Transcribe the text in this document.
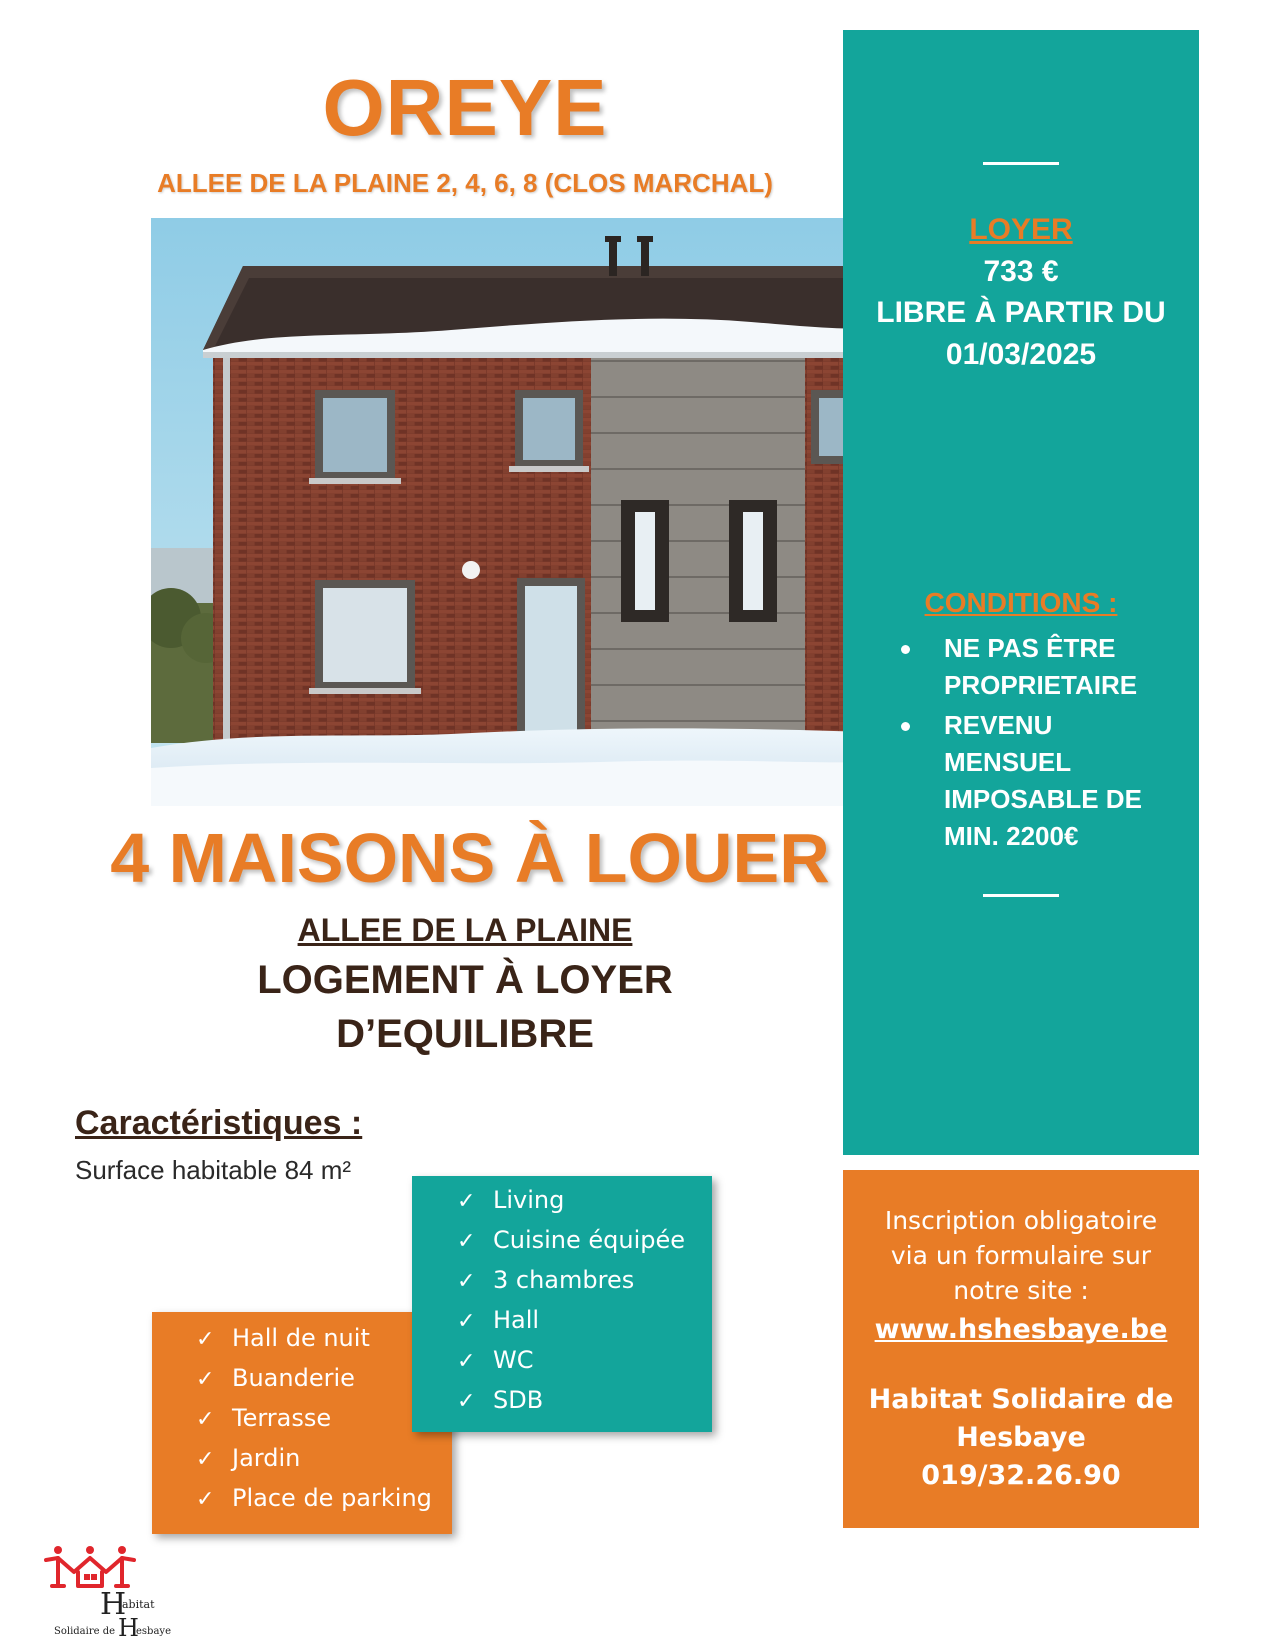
OREYE
ALLEE DE LA PLAINE 2, 4, 6, 8 (CLOS MARCHAL)
4 MAISONS À LOUER
ALLEE DE LA PLAINE
LOGEMENT À LOYER
D’EQUILIBRE
Caractéristiques :
Surface habitable 84 m²
✓ Hall de nuit
✓ Buanderie
✓ Terrasse
✓ Jardin
✓ Place de parking
✓ Living
✓ Cuisine équipée
✓ 3 chambres
✓ Hall
✓ WC
✓ SDB
LOYER
733 €
LIBRE À PARTIR DU
01/03/2025
CONDITIONS :
NE PAS ÊTRE
PROPRIETAIRE
REVENU
MENSUEL
IMPOSABLE DE
MIN. 2200€
Inscription obligatoire
via un formulaire sur
notre site :
www.hshesbaye.be
Habitat Solidaire de
Hesbaye
019/32.26.90
H
abitat
Solidaire de H
esbaye
